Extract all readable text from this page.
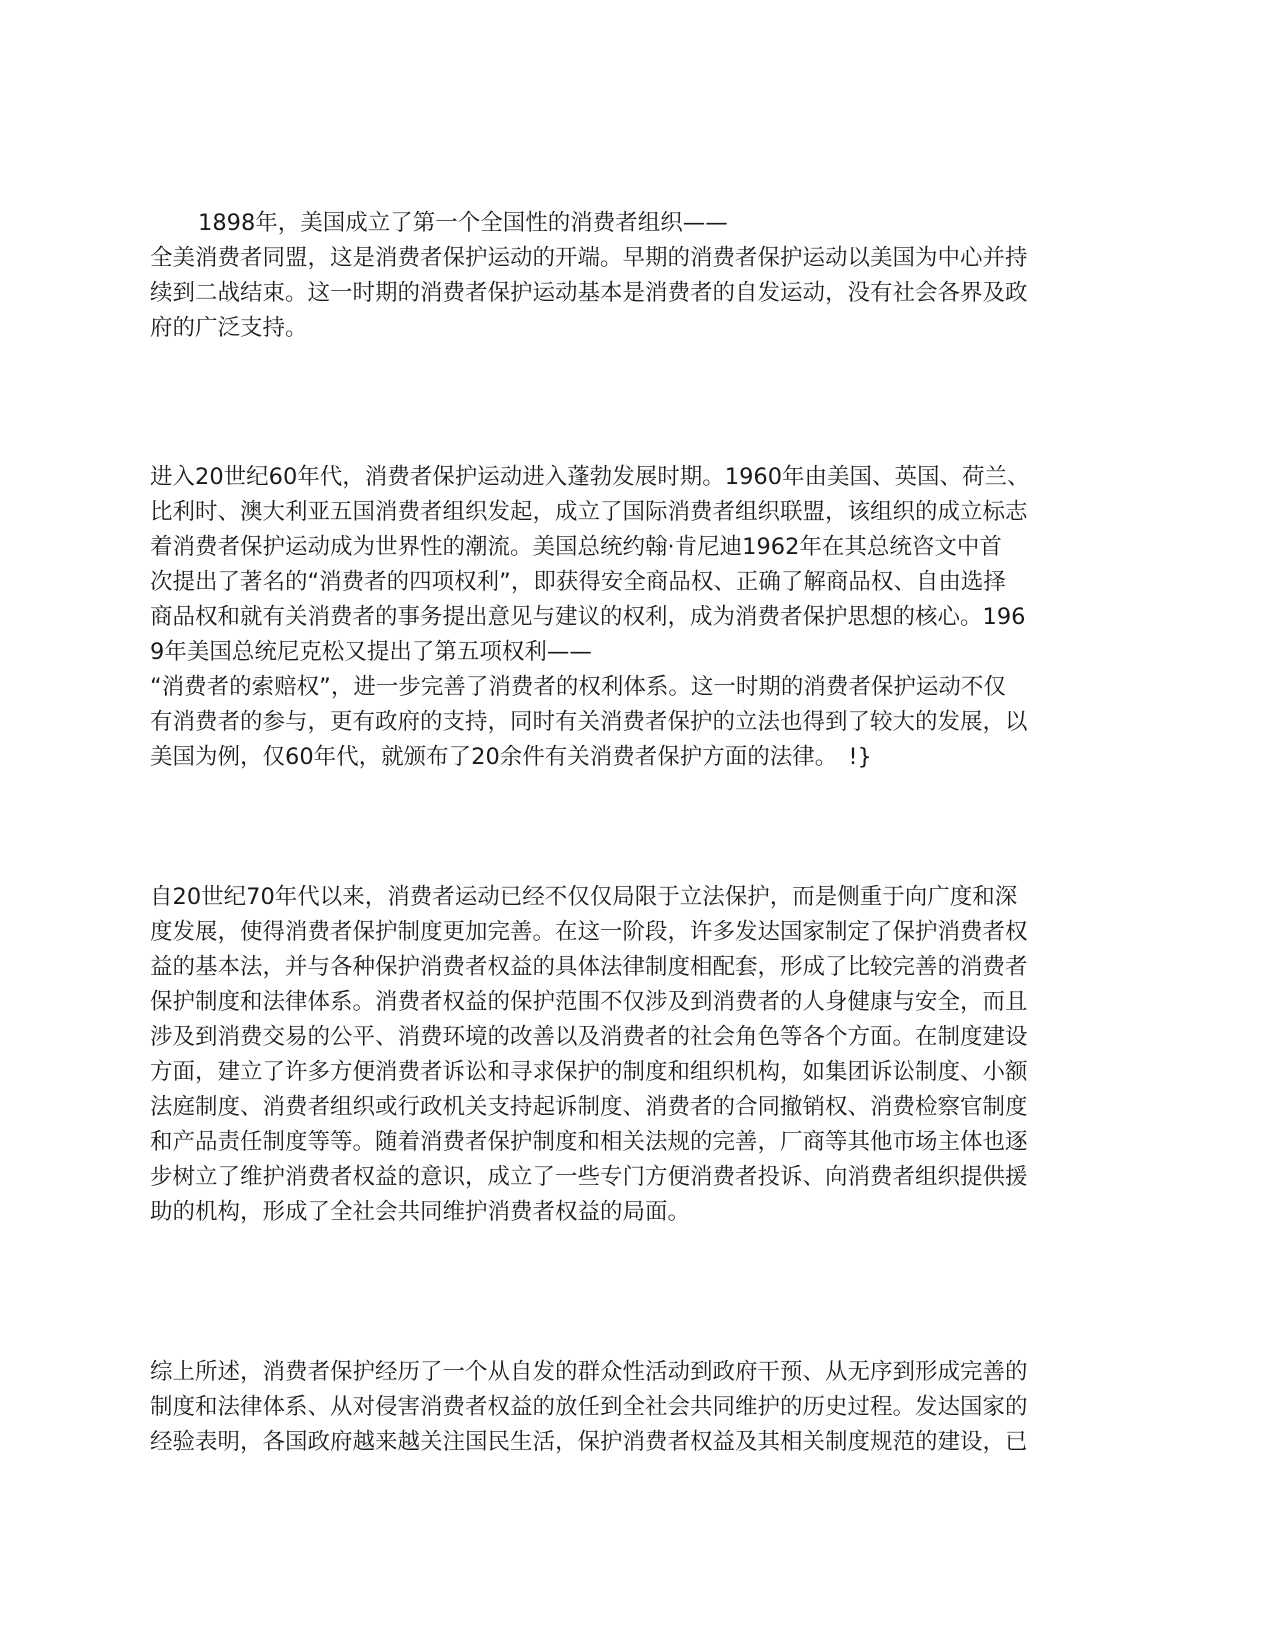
1898年，美国成立了第一个全国性的消费者组织——
全美消费者同盟，这是消费者保护运动的开端。早期的消费者保护运动以美国为中心并持
续到二战结束。这一时期的消费者保护运动基本是消费者的自发运动，没有社会各界及政
府的广泛支持。
进入20世纪60年代，消费者保护运动进入蓬勃发展时期。1960年由美国、英国、荷兰、
比利时、澳大利亚五国消费者组织发起，成立了国际消费者组织联盟，该组织的成立标志
着消费者保护运动成为世界性的潮流。美国总统约翰·肯尼迪1962年在其总统咨文中首
次提出了著名的“消费者的四项权利”，即获得安全商品权、正确了解商品权、自由选择
商品权和就有关消费者的事务提出意见与建议的权利，成为消费者保护思想的核心。196
9年美国总统尼克松又提出了第五项权利——
“消费者的索赔权”，进一步完善了消费者的权利体系。这一时期的消费者保护运动不仅
有消费者的参与，更有政府的支持，同时有关消费者保护的立法也得到了较大的发展，以
美国为例，仅60年代，就颁布了20余件有关消费者保护方面的法律。　!}
自20世纪70年代以来，消费者运动已经不仅仅局限于立法保护，而是侧重于向广度和深
度发展，使得消费者保护制度更加完善。在这一阶段，许多发达国家制定了保护消费者权
益的基本法，并与各种保护消费者权益的具体法律制度相配套，形成了比较完善的消费者
保护制度和法律体系。消费者权益的保护范围不仅涉及到消费者的人身健康与安全，而且
涉及到消费交易的公平、消费环境的改善以及消费者的社会角色等各个方面。在制度建设
方面，建立了许多方便消费者诉讼和寻求保护的制度和组织机构，如集团诉讼制度、小额
法庭制度、消费者组织或行政机关支持起诉制度、消费者的合同撤销权、消费检察官制度
和产品责任制度等等。随着消费者保护制度和相关法规的完善，厂商等其他市场主体也逐
步树立了维护消费者权益的意识，成立了一些专门方便消费者投诉、向消费者组织提供援
助的机构，形成了全社会共同维护消费者权益的局面。
综上所述，消费者保护经历了一个从自发的群众性活动到政府干预、从无序到形成完善的
制度和法律体系、从对侵害消费者权益的放任到全社会共同维护的历史过程。发达国家的
经验表明，各国政府越来越关注国民生活，保护消费者权益及其相关制度规范的建设，已
